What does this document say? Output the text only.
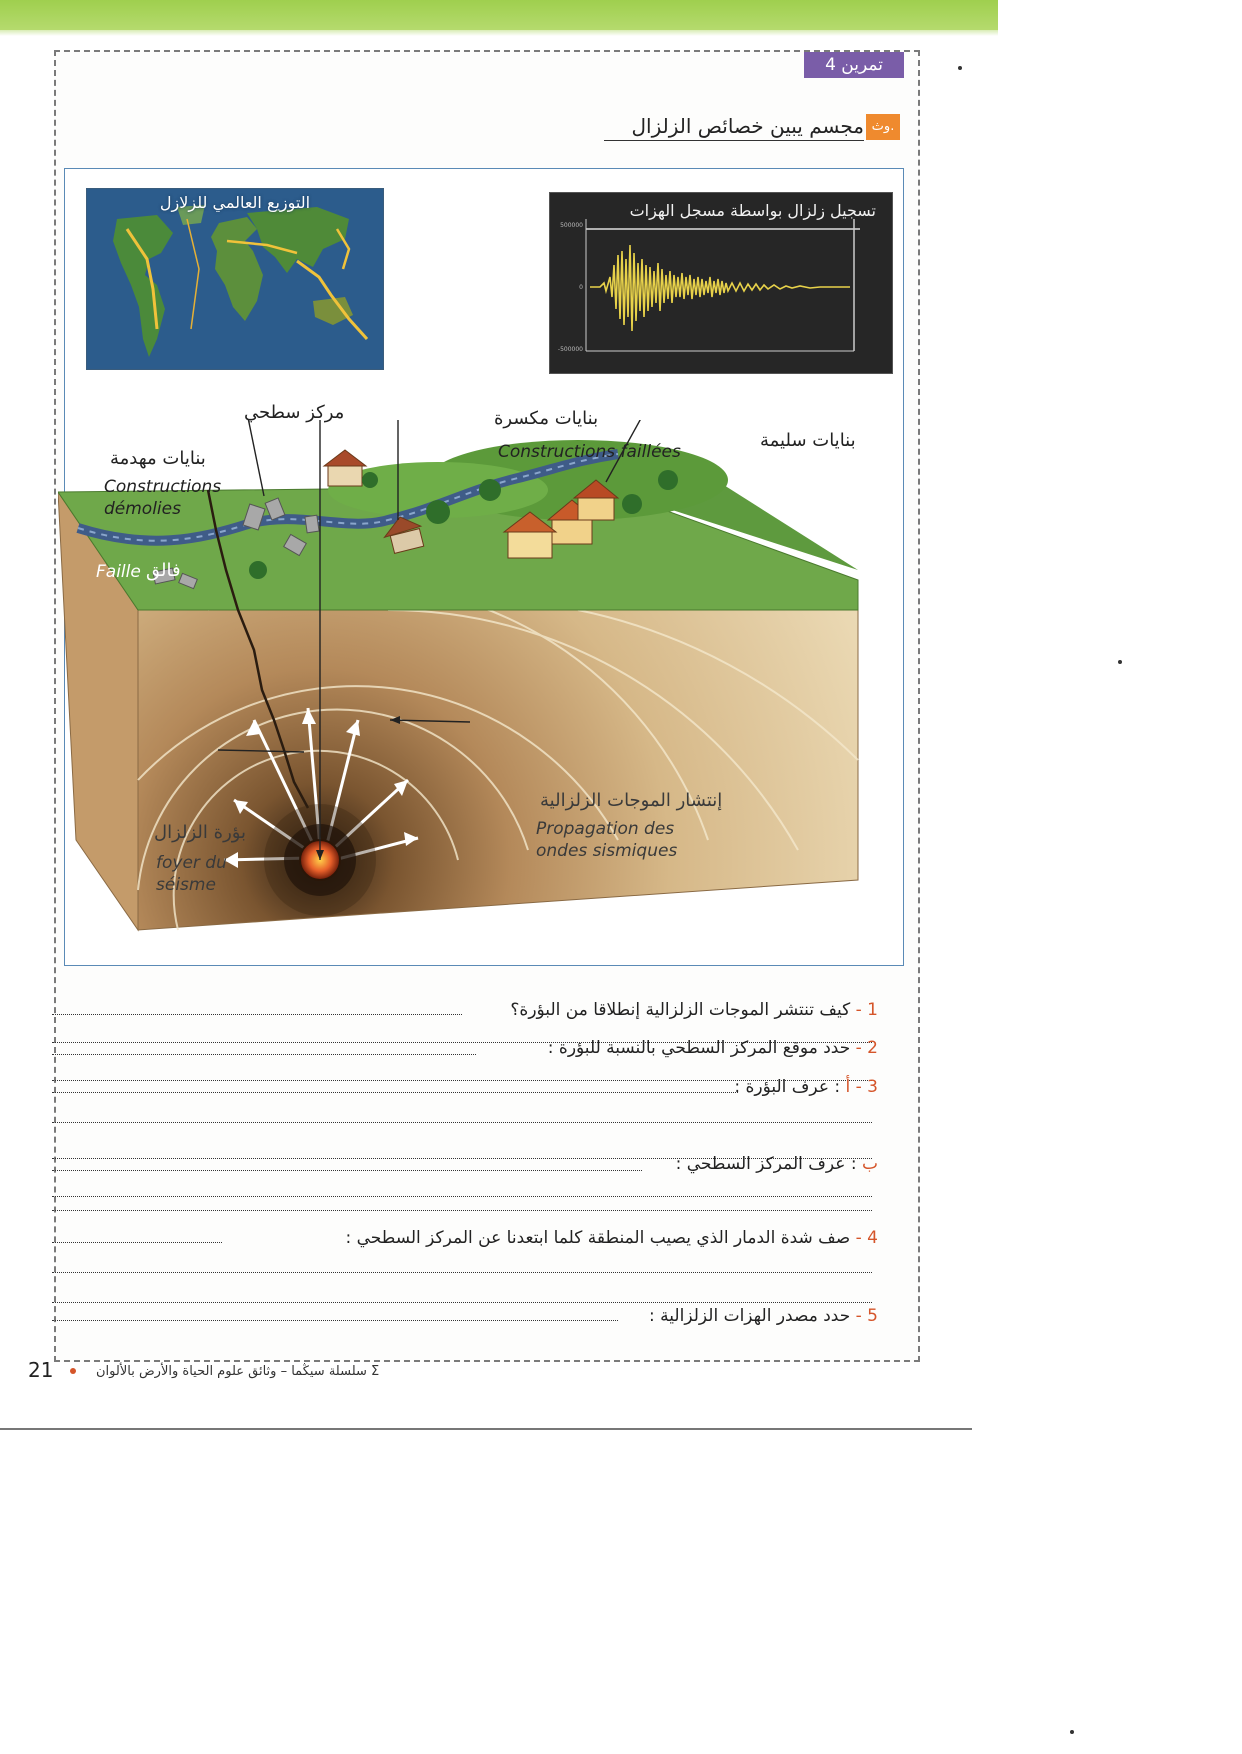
تمرين 4
مجسم يبين خصائص الزلزال وث.
التوزيع العالمي للزلازل	تسجيل زلزال بواسطة مسجل الهزات
500000
0
-500000
مركز سطحي	بنايات مكسرة
Constructions faillées
بنايات سليمة
بنايات مهدمة
Constructions démolies
Faille فالق
إنتشار الموجات الزلزالية
Propagation des ondes sismiques
بؤرة الزلزال
foyer du séisme
1 - كيف تنتشر الموجات الزلزالية إنطلاقا من البؤرة؟
2 - حدد موقع المركز السطحي بالنسبة للبؤرة :
3 - أ : عرف البؤرة :
ب : عرف المركز السطحي :
4 - صف شدة الدمار الذي يصيب المنطقة كلما ابتعدنا عن المركز السطحي :
5 - حدد مصدر الهزات الزلزالية :
21	Σ سلسلة سيڭما – وثائق علوم الحياة والأرض بالألوان
